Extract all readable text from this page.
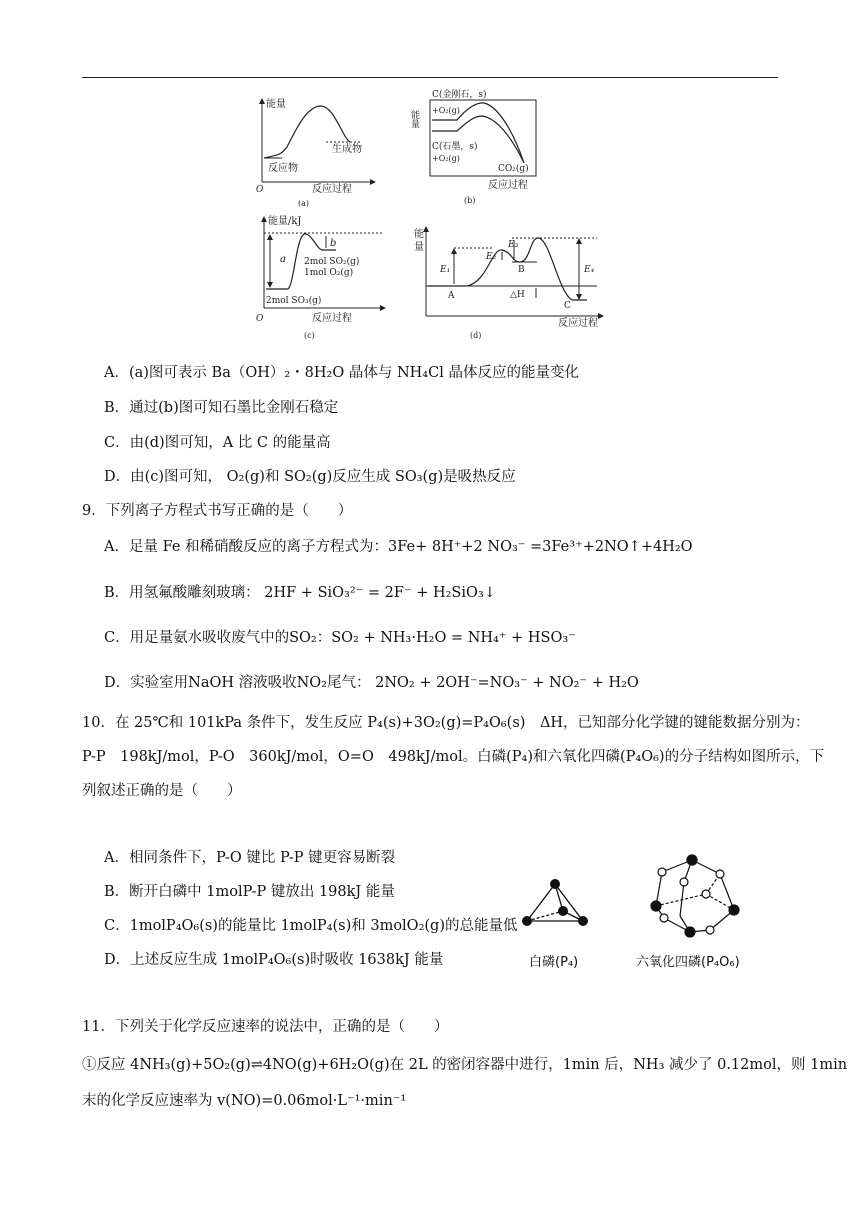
能量
反应物
生成物
O	反应过程
(a)
C(金刚石，s)
+O₂(g)
能量
C(石墨，s)
+O₂(g)
CO₂(g)
反应过程
(b)
能量/kJ
a
b
2mol SO₂(g)
1mol O₂(g)
2mol SO₃(g)
O	反应过程
(c)
能
量
E₁
E₂
E₃
E₄
A
B
C
△H
反应过程
(d)
A．(a)图可表示 Ba（OH）₂・8H₂O 晶体与 NH₄Cl 晶体反应的能量变化
B．通过(b)图可知石墨比金刚石稳定
C．由(d)图可知，A 比 C 的能量高
D．由(c)图可知， O₂(g)和 SO₂(g)反应生成 SO₃(g)是吸热反应
9．下列离子方程式书写正确的是（　　）
A．足量 Fe 和稀硝酸反应的离子方程式为：3Fe+ 8H⁺+2 NO₃⁻ =3Fe³⁺+2NO↑+4H₂O
B．用氢氟酸雕刻玻璃： 2HF + SiO₃²⁻ = 2F⁻ + H₂SiO₃↓
C．用足量氨水吸收废气中的SO₂：SO₂ + NH₃·H₂O = NH₄⁺ + HSO₃⁻
D．实验室用NaOH 溶液吸收NO₂尾气： 2NO₂ + 2OH⁻=NO₃⁻ + NO₂⁻ + H₂O
10．在 25℃和 101kPa 条件下，发生反应 P₄(s)+3O₂(g)=P₄O₆(s)　ΔH，已知部分化学键的键能数据分别为：
P-P　198kJ/mol，P-O　360kJ/mol，O=O　498kJ/mol。白磷(P₄)和六氧化四磷(P₄O₆)的分子结构如图所示，下
列叙述正确的是（　　）
A．相同条件下，P-O 键比 P-P 键更容易断裂
B．断开白磷中 1molP-P 键放出 198kJ 能量
C．1molP₄O₆(s)的能量比 1molP₄(s)和 3molO₂(g)的总能量低
D．上述反应生成 1molP₄O₆(s)时吸收 1638kJ 能量	白磷(P₄)	六氧化四磷(P₄O₆)
11．下列关于化学反应速率的说法中，正确的是（　　）
①反应 4NH₃(g)+5O₂(g)⇌4NO(g)+6H₂O(g)在 2L 的密闭容器中进行，1min 后，NH₃ 减少了 0.12mol，则 1min
末的化学反应速率为 v(NO)=0.06mol·L⁻¹·min⁻¹
